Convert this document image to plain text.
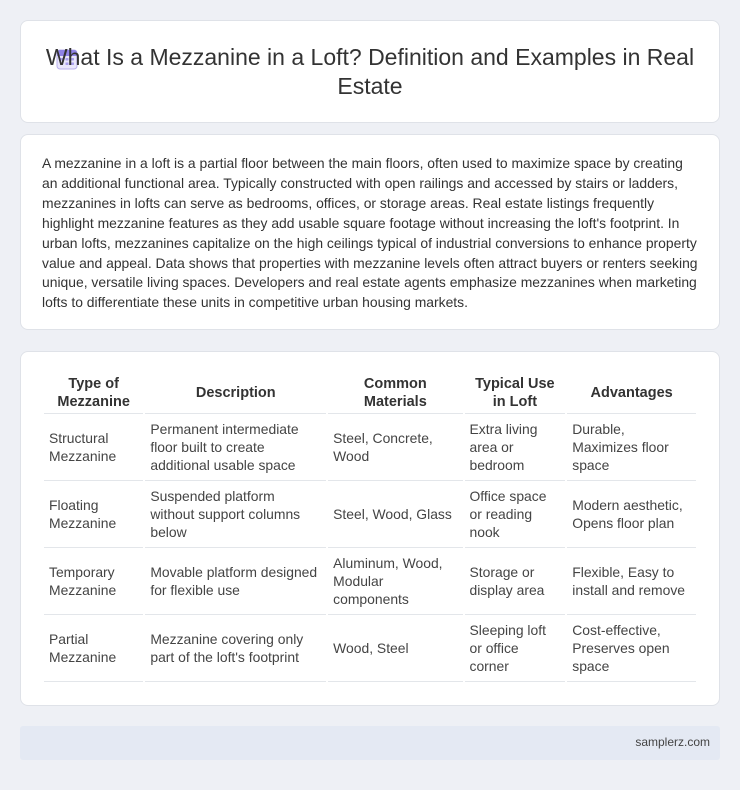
What Is a Mezzanine in a Loft? Definition and Examples in Real Estate

A mezzanine in a loft is a partial floor between the main floors, often used to maximize space by creating an additional functional area. Typically constructed with open railings and accessed by stairs or ladders, mezzanines in lofts can serve as bedrooms, offices, or storage areas. Real estate listings frequently highlight mezzanine features as they add usable square footage without increasing the loft's footprint. In urban lofts, mezzanines capitalize on the high ceilings typical of industrial conversions to enhance property value and appeal. Data shows that properties with mezzanine levels often attract buyers or renters seeking unique, versatile living spaces. Developers and real estate agents emphasize mezzanines when marketing lofts to differentiate these units in competitive urban housing markets.

Type of Mezzanine	Description	Common Materials	Typical Use in Loft	Advantages
Structural Mezzanine	Permanent intermediate floor built to create additional usable space	Steel, Concrete, Wood	Extra living area or bedroom	Durable, Maximizes floor space
Floating Mezzanine	Suspended platform without support columns below	Steel, Wood, Glass	Office space or reading nook	Modern aesthetic, Opens floor plan
Temporary Mezzanine	Movable platform designed for flexible use	Aluminum, Wood, Modular components	Storage or display area	Flexible, Easy to install and remove
Partial Mezzanine	Mezzanine covering only part of the loft's footprint	Wood, Steel	Sleeping loft or office corner	Cost-effective, Preserves open space
samplerz.com
